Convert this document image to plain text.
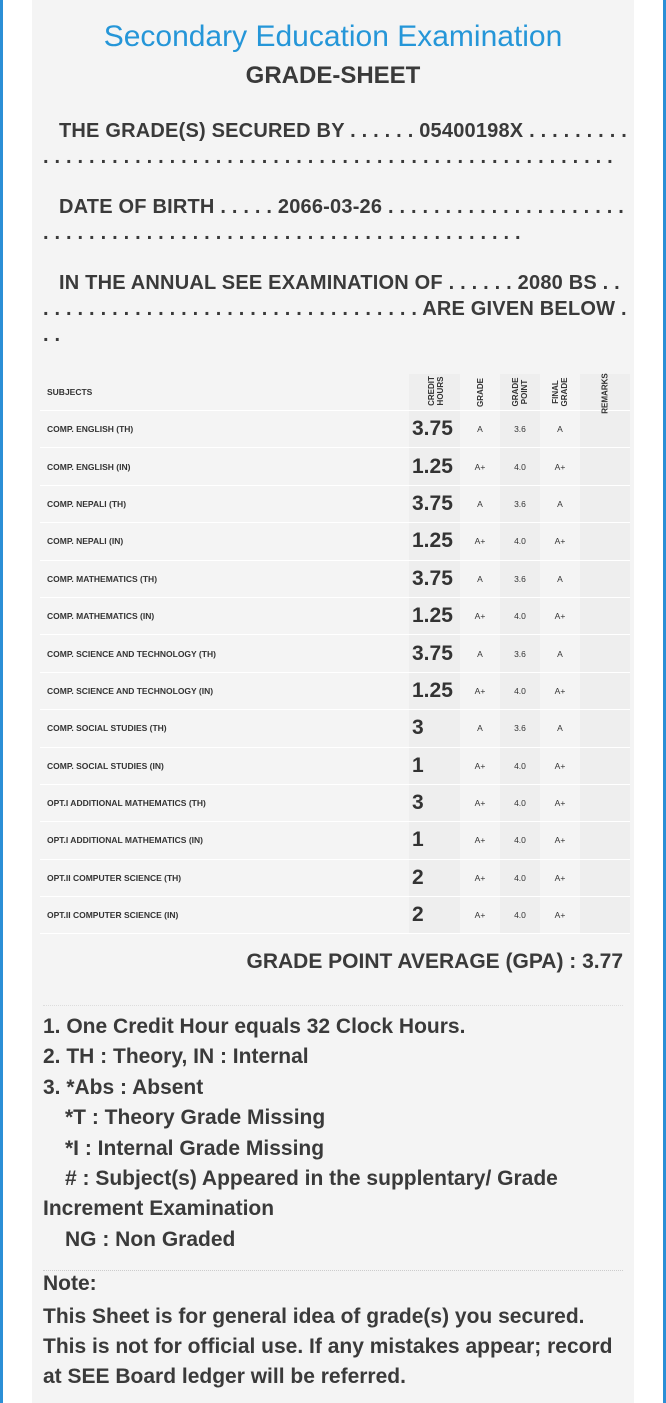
Secondary Education Examination
GRADE-SHEET
THE GRADE(S) SECURED BY . . . . . . 05400198X . . . . . . . . . . . . . . . . . . . . . . . . . . . . . . . . . . . . . . . . . . . . . . . . . . . . . . . . . . .
DATE OF BIRTH . . . . . 2066-03-26 . . . . . . . . . . . . . . . . . . . . . . . . . . . . . . . . . . . . . . . . . . . . . . . . . . . . . . . . . . . . . . .
IN THE ANNUAL SEE EXAMINATION OF . . . . . . 2080 BS . . . . . . . . . . . . . . . . . . . . . . . . . . . . . . . . . . . ARE GIVEN BELOW . . .
SUBJECTS	CREDIT HOURS	GRADE	GRADE POINT	FINAL GRADE	REMARKS
COMP. ENGLISH (TH)	3.75	A	3.6	A	
COMP. ENGLISH (IN)	1.25	A+	4.0	A+	
COMP. NEPALI (TH)	3.75	A	3.6	A	
COMP. NEPALI (IN)	1.25	A+	4.0	A+	
COMP. MATHEMATICS (TH)	3.75	A	3.6	A	
COMP. MATHEMATICS (IN)	1.25	A+	4.0	A+	
COMP. SCIENCE AND TECHNOLOGY (TH)	3.75	A	3.6	A	
COMP. SCIENCE AND TECHNOLOGY (IN)	1.25	A+	4.0	A+	
COMP. SOCIAL STUDIES (TH)	3	A	3.6	A	
COMP. SOCIAL STUDIES (IN)	1	A+	4.0	A+	
OPT.I ADDITIONAL MATHEMATICS (TH)	3	A+	4.0	A+	
OPT.I ADDITIONAL MATHEMATICS (IN)	1	A+	4.0	A+	
OPT.II COMPUTER SCIENCE (TH)	2	A+	4.0	A+	
OPT.II COMPUTER SCIENCE (IN)	2	A+	4.0	A+	
GRADE POINT AVERAGE (GPA) : 3.77
1. One Credit Hour equals 32 Clock Hours.
2. TH : Theory, IN : Internal
3. *Abs : Absent
*T : Theory Grade Missing
*I : Internal Grade Missing
# : Subject(s) Appeared in the supplentary/ Grade Increment Examination
NG : Non Graded
Note:
This Sheet is for general idea of grade(s) you secured. This is not for official use. If any mistakes appear; record at SEE Board ledger will be referred.
